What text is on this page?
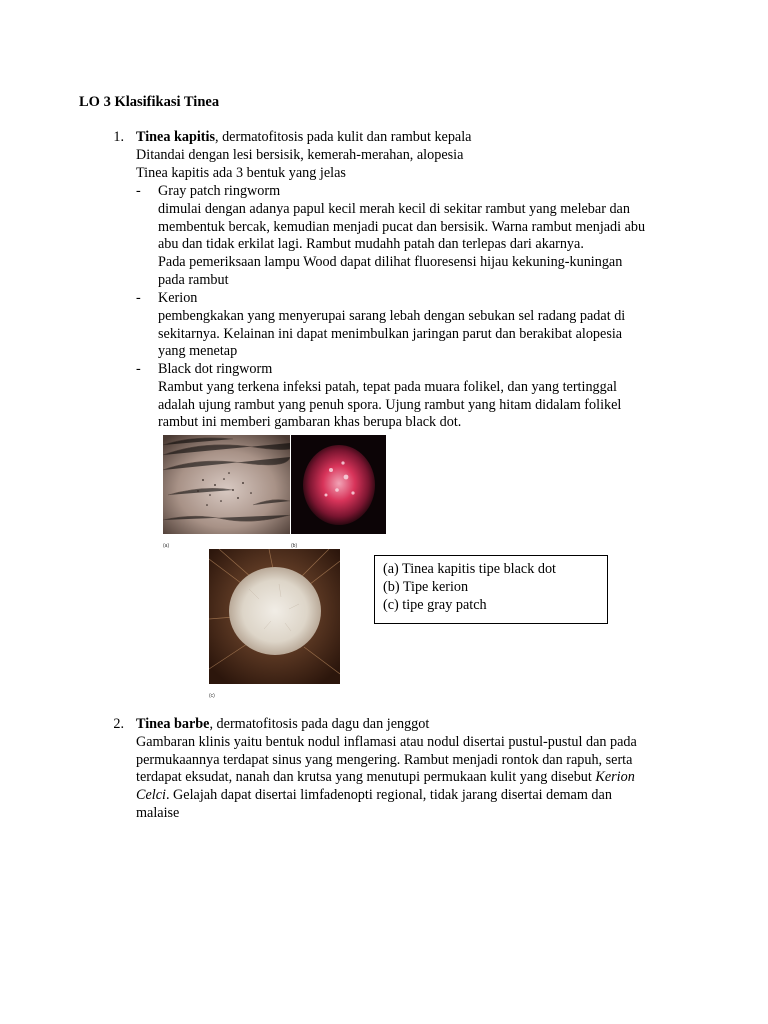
LO 3 Klasifikasi Tinea
1. Tinea kapitis, dermatofitosis pada kulit dan rambut kepala
Ditandai dengan lesi bersisik, kemerah-merahan, alopesia
Tinea kapitis ada 3 bentuk yang jelas
- Gray patch ringworm
dimulai dengan adanya papul kecil merah kecil di sekitar rambut yang melebar dan
membentuk bercak, kemudian menjadi pucat dan bersisik. Warna rambut menjadi abu
abu dan tidak erkilat lagi. Rambut mudahh patah dan terlepas dari akarnya.
Pada pemeriksaan lampu Wood dapat dilihat fluoresensi hijau kekuning-kuningan
pada rambut
- Kerion
pembengkakan yang menyerupai sarang lebah dengan sebukan sel radang padat di
sekitarnya. Kelainan ini dapat menimbulkan jaringan parut dan berakibat alopesia
yang menetap
- Black dot ringworm
Rambut yang terkena infeksi patah, tepat pada muara folikel, dan yang tertinggal
adalah ujung rambut yang penuh spora. Ujung rambut yang hitam didalam folikel
rambut ini memberi gambaran khas berupa black dot.
(a)	(b)
(c)
(a) Tinea kapitis tipe black dot
(b) Tipe kerion
(c) tipe gray patch
2. Tinea barbe, dermatofitosis pada dagu dan jenggot
Gambaran klinis yaitu bentuk nodul inflamasi atau nodul disertai pustul-pustul dan pada
permukaannya terdapat sinus yang mengering. Rambut menjadi rontok dan rapuh, serta
terdapat eksudat, nanah dan krutsa yang menutupi permukaan kulit yang disebut Kerion
Celci. Gelajah dapat disertai limfadenopti regional, tidak jarang disertai demam dan
malaise
